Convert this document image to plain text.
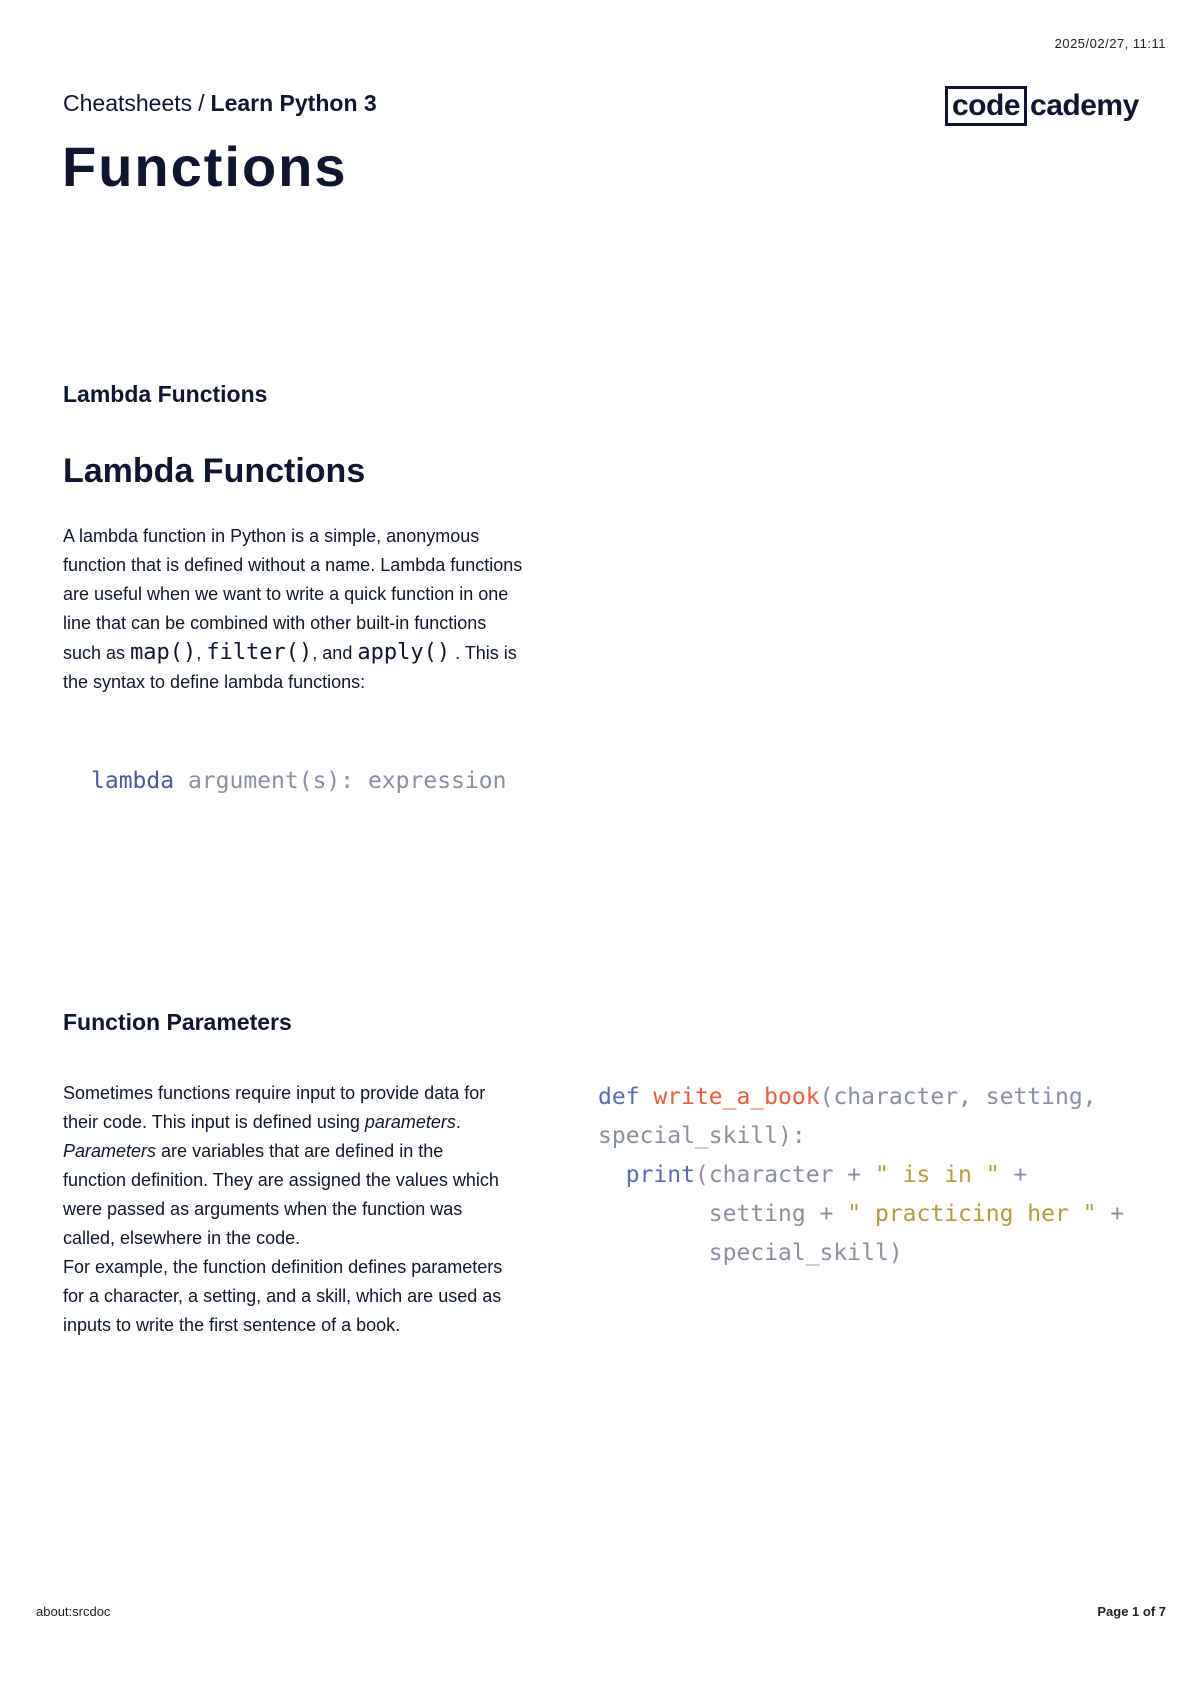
2025/02/27, 11:11
Cheatsheets / Learn Python 3	code cademy
Functions
Lambda Functions
Lambda Functions
A lambda function in Python is a simple, anonymous function that is defined without a name. Lambda functions are useful when we want to write a quick function in one line that can be combined with other built-in functions such as map(), filter(), and apply() . This is the syntax to define lambda functions:
lambda argument(s): expression
Function Parameters

Sometimes functions require input to provide data for their code. This input is defined using parameters.

Parameters are variables that are defined in the function definition. They are assigned the values which were passed as arguments when the function was called, elsewhere in the code.

For example, the function definition defines parameters for a character, a setting, and a skill, which are used as inputs to write the first sentence of a book.

def write_a_book(character, setting,
special_skill):
print(character + " is in " +
setting + " practicing her " +
special_skill)
about:srcdoc	Page 1 of 7
